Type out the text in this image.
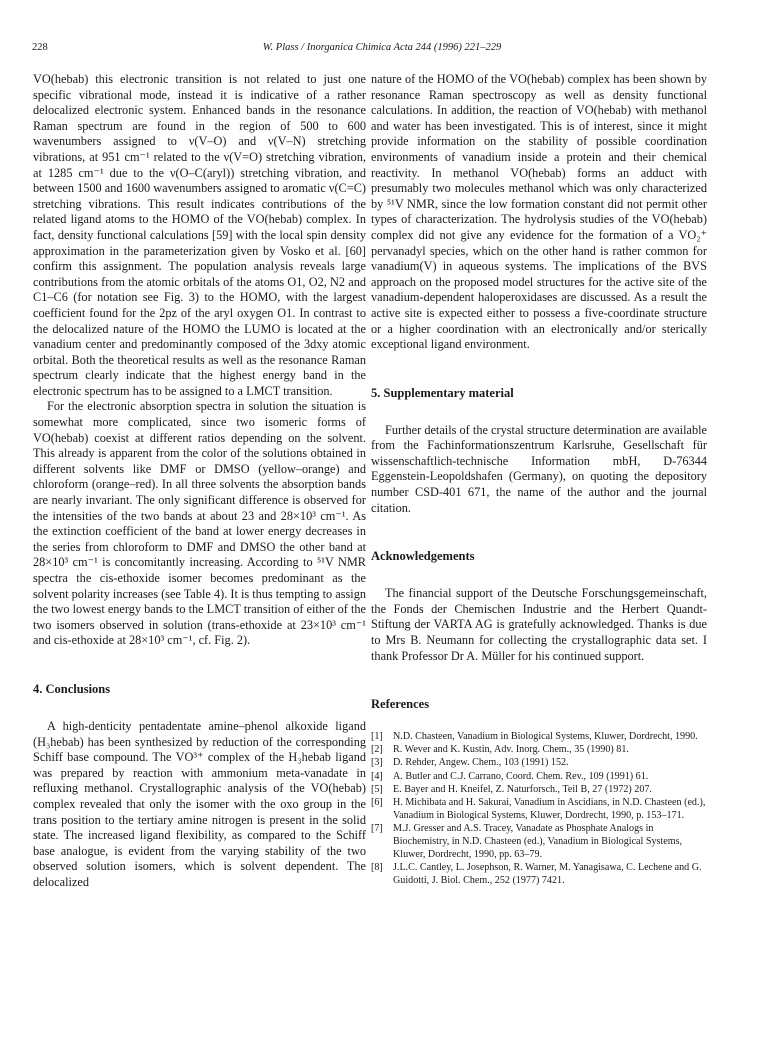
228	W. Plass / Inorganica Chimica Acta 244 (1996) 221–229

VO(hebab) this electronic transition is not related to just one specific vibrational mode, instead it is indicative of a rather delocalized electronic system. Enhanced bands in the resonance Raman spectrum are found in the region of 500 to 600 wavenumbers assigned to ν(V–O) and ν(V–N) stretching vibrations, at 951 cm⁻¹ related to the ν(V=O) stretching vibration, at 1285 cm⁻¹ due to the ν(O–C(aryl)) stretching vibration, and between 1500 and 1600 wavenumbers assigned to aromatic ν(C=C) stretching vibrations. This result indicates contributions of the related ligand atoms to the HOMO of the VO(hebab) complex. In fact, density functional calculations [59] with the local spin density approximation in the parameterization given by Vosko et al. [60] confirm this assignment. The population analysis reveals large contributions from the atomic orbitals of the atoms O1, O2, N2 and C1–C6 (for notation see Fig. 3) to the HOMO, with the largest coefficient found for the 2pz of the aryl oxygen O1. In contrast to the delocalized nature of the HOMO the LUMO is located at the vanadium center and predominantly composed of the 3dxy atomic orbital. Both the theoretical results as well as the resonance Raman spectrum clearly indicate that the highest energy band in the electronic spectrum has to be assigned to a LMCT transition.

For the electronic absorption spectra in solution the situation is somewhat more complicated, since two isomeric forms of VO(hebab) coexist at different ratios depending on the solvent. This already is apparent from the color of the solutions obtained in different solvents like DMF or DMSO (yellow–orange) and chloroform (orange–red). In all three solvents the absorption bands are nearly invariant. The only significant difference is observed for the intensities of the two bands at about 23 and 28×10³ cm⁻¹. As the extinction coefficient of the band at lower energy decreases in the series from chloroform to DMF and DMSO the other band at 28×10³ cm⁻¹ is concomitantly increasing. According to ⁵¹V NMR spectra the cis-ethoxide isomer becomes predominant as the solvent polarity increases (see Table 4). It is thus tempting to assign the two lowest energy bands to the LMCT transition of either of the two isomers observed in solution (trans-ethoxide at 23×10³ cm⁻¹ and cis-ethoxide at 28×10³ cm⁻¹, cf. Fig. 2).

4. Conclusions

A high-denticity pentadentate amine–phenol alkoxide ligand (H₃hebab) has been synthesized by reduction of the corresponding Schiff base compound. The VO³⁺ complex of the H₃hebab ligand was prepared by reaction with ammonium meta-vanadate in refluxing methanol. Crystallographic analysis of the VO(hebab) complex revealed that only the isomer with the oxo group in the trans position to the tertiary amine nitrogen is present in the solid state. The increased ligand flexibility, as compared to the Schiff base analogue, is evident from the varying stability of the two observed solution isomers, which is solvent dependent. The delocalized

nature of the HOMO of the VO(hebab) complex has been shown by resonance Raman spectroscopy as well as density functional calculations. In addition, the reaction of VO(hebab) with methanol and water has been investigated. This is of interest, since it might provide information on the stability of possible coordination environments of vanadium inside a protein and their chemical reactivity. In methanol VO(hebab) forms an adduct with presumably two molecules methanol which was only characterized by ⁵¹V NMR, since the low formation constant did not permit other types of characterization. The hydrolysis studies of the VO(hebab) complex did not give any evidence for the formation of a VO₂⁺ pervanadyl species, which on the other hand is rather common for vanadium(V) in aqueous systems. The implications of the BVS approach on the proposed model structures for the active site of the vanadium-dependent haloperoxidases are discussed. As a result the active site is expected either to possess a five-coordinate structure or a higher coordination with an electronically and/or sterically exceptional ligand environment.

5. Supplementary material

Further details of the crystal structure determination are available from the Fachinformationszentrum Karlsruhe, Gesellschaft für wissenschaftlich-technische Information mbH, D-76344 Eggenstein-Leopoldshafen (Germany), on quoting the depository number CSD-401 671, the name of the author and the journal citation.

Acknowledgements

The financial support of the Deutsche Forschungsgemeinschaft, the Fonds der Chemischen Industrie and the Herbert Quandt-Stiftung der VARTA AG is gratefully acknowledged. Thanks is due to Mrs B. Neumann for collecting the crystallographic data set. I thank Professor Dr A. Müller for his continued support.

References
[1] N.D. Chasteen, Vanadium in Biological Systems, Kluwer, Dordrecht, 1990.
[2] R. Wever and K. Kustin, Adv. Inorg. Chem., 35 (1990) 81.
[3] D. Rehder, Angew. Chem., 103 (1991) 152.
[4] A. Butler and C.J. Carrano, Coord. Chem. Rev., 109 (1991) 61.
[5] E. Bayer and H. Kneifel, Z. Naturforsch., Teil B, 27 (1972) 207.
[6] H. Michibata and H. Sakurai, Vanadium in Ascidians, in N.D. Chasteen (ed.), Vanadium in Biological Systems, Kluwer, Dordrecht, 1990, p. 153–171.
[7] M.J. Gresser and A.S. Tracey, Vanadate as Phosphate Analogs in Biochemistry, in N.D. Chasteen (ed.), Vanadium in Biological Systems, Kluwer, Dordrecht, 1990, pp. 63–79.
[8] J.L.C. Cantley, L. Josephson, R. Warner, M. Yanagisawa, C. Lechene and G. Guidotti, J. Biol. Chem., 252 (1977) 7421.
